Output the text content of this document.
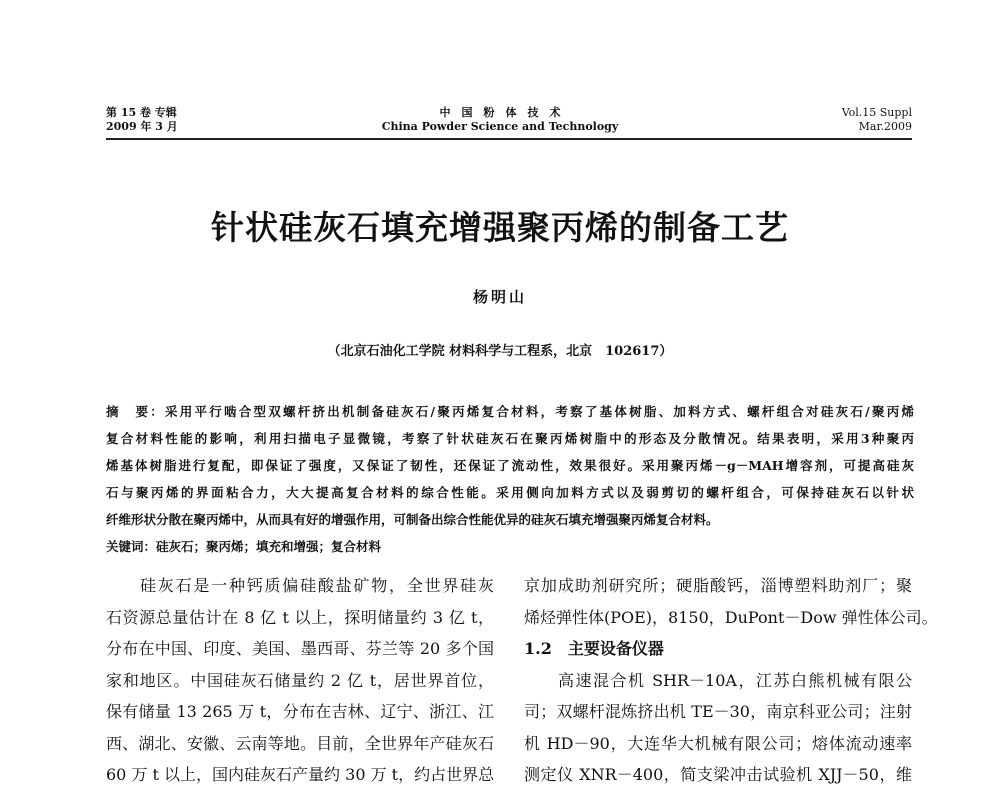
第 15 卷 专辑
2009 年 3 月
中　国　粉　体　技　术
China Powder Science and Technology
Vol.15 Suppl
Mar.2009
针状硅灰石填充增强聚丙烯的制备工艺
杨明山
（北京石油化工学院 材料科学与工程系，北京　102617）
摘　要：采用平行啮合型双螺杆挤出机制备硅灰石/聚丙烯复合材料，考察了基体树脂、加料方式、螺杆组合对硅灰石/聚丙烯
复合材料性能的影响，利用扫描电子显微镜，考察了针状硅灰石在聚丙烯树脂中的形态及分散情况。结果表明，采用3种聚丙
烯基体树脂进行复配，即保证了强度，又保证了韧性，还保证了流动性，效果很好。采用聚丙烯－g－MAH增容剂，可提高硅灰
石与聚丙烯的界面粘合力，大大提高复合材料的综合性能。采用侧向加料方式以及弱剪切的螺杆组合，可保持硅灰石以针状
纤维形状分散在聚丙烯中，从而具有好的增强作用，可制备出综合性能优异的硅灰石填充增强聚丙烯复合材料。
关键词：硅灰石；聚丙烯；填充和增强；复合材料
硅灰石是一种钙质偏硅酸盐矿物，全世界硅灰
石资源总量估计在 8 亿 t 以上，探明储量约 3 亿 t，
分布在中国、印度、美国、墨西哥、芬兰等 20 多个国
家和地区。中国硅灰石储量约 2 亿 t，居世界首位，
保有储量 13 265 万 t，分布在吉林、辽宁、浙江、江
西、湖北、安徽、云南等地。目前，全世界年产硅灰石
60 万 t 以上，国内硅灰石产量约 30 万 t，约占世界总
京加成助剂研究所；硬脂酸钙，淄博塑料助剂厂；聚
烯烃弹性体(POE)，8150，DuPont－Dow 弹性体公司。
1.2　主要设备仪器
高速混合机 SHR－10A，江苏白熊机械有限公
司；双螺杆混炼挤出机 TE－30，南京科亚公司；注射
机 HD－90，大连华大机械有限公司；熔体流动速率
测定仪 XNR－400，简支梁冲击试验机 XJJ－50，维
